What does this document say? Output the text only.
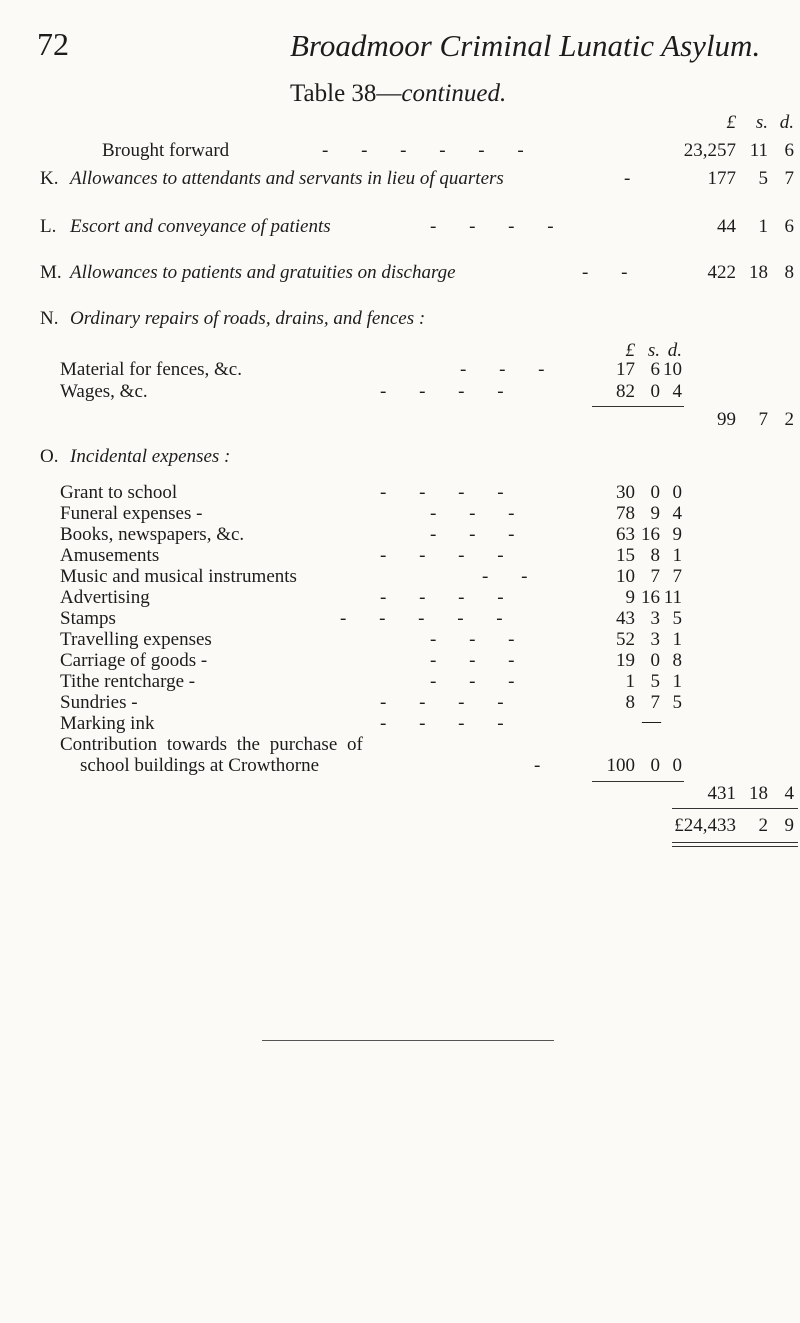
72	Broadmoor Criminal Lunatic Asylum.
Table 38—continued.
£	s. d.
Brought forward	- - - - - -	23,257 11 6
K. Allowances to attendants and servants in lieu of quarters	-	177	5 7
L. Escort and conveyance of patients	- - - -	44	1 6
M. Allowances to patients and gratuities on discharge	- -	422 18 8
N. Ordinary repairs of roads, drains, and fences :
£ s. d.
Material for fences, &c.	- - -	17 6 10
Wages, &c.	- - - -	82 0 4
99	7 2
O. Incidental expenses :
Grant to school	- - - -	30 0 0
Funeral expenses -	- - -	78 9 4
Books, newspapers, &c.	- - -	63 16 9
Amusements	- - - -	15 8 1
Music and musical instruments	- -	10 7 7
Advertising	- - - -	9 16 11
Stamps	- - - - -	43 3 5
Travelling expenses	- - -	52 3 1
Carriage of goods -	- - -	19 0 8
Tithe rentcharge -	- - -	1 5 1
Sundries -	- - - -	8 7 5
Marking ink	- - - -	—
Contribution towards the purchase of
school buildings at Crowthorne	-	100 0 0
431 18 4
£24,433	2 9
